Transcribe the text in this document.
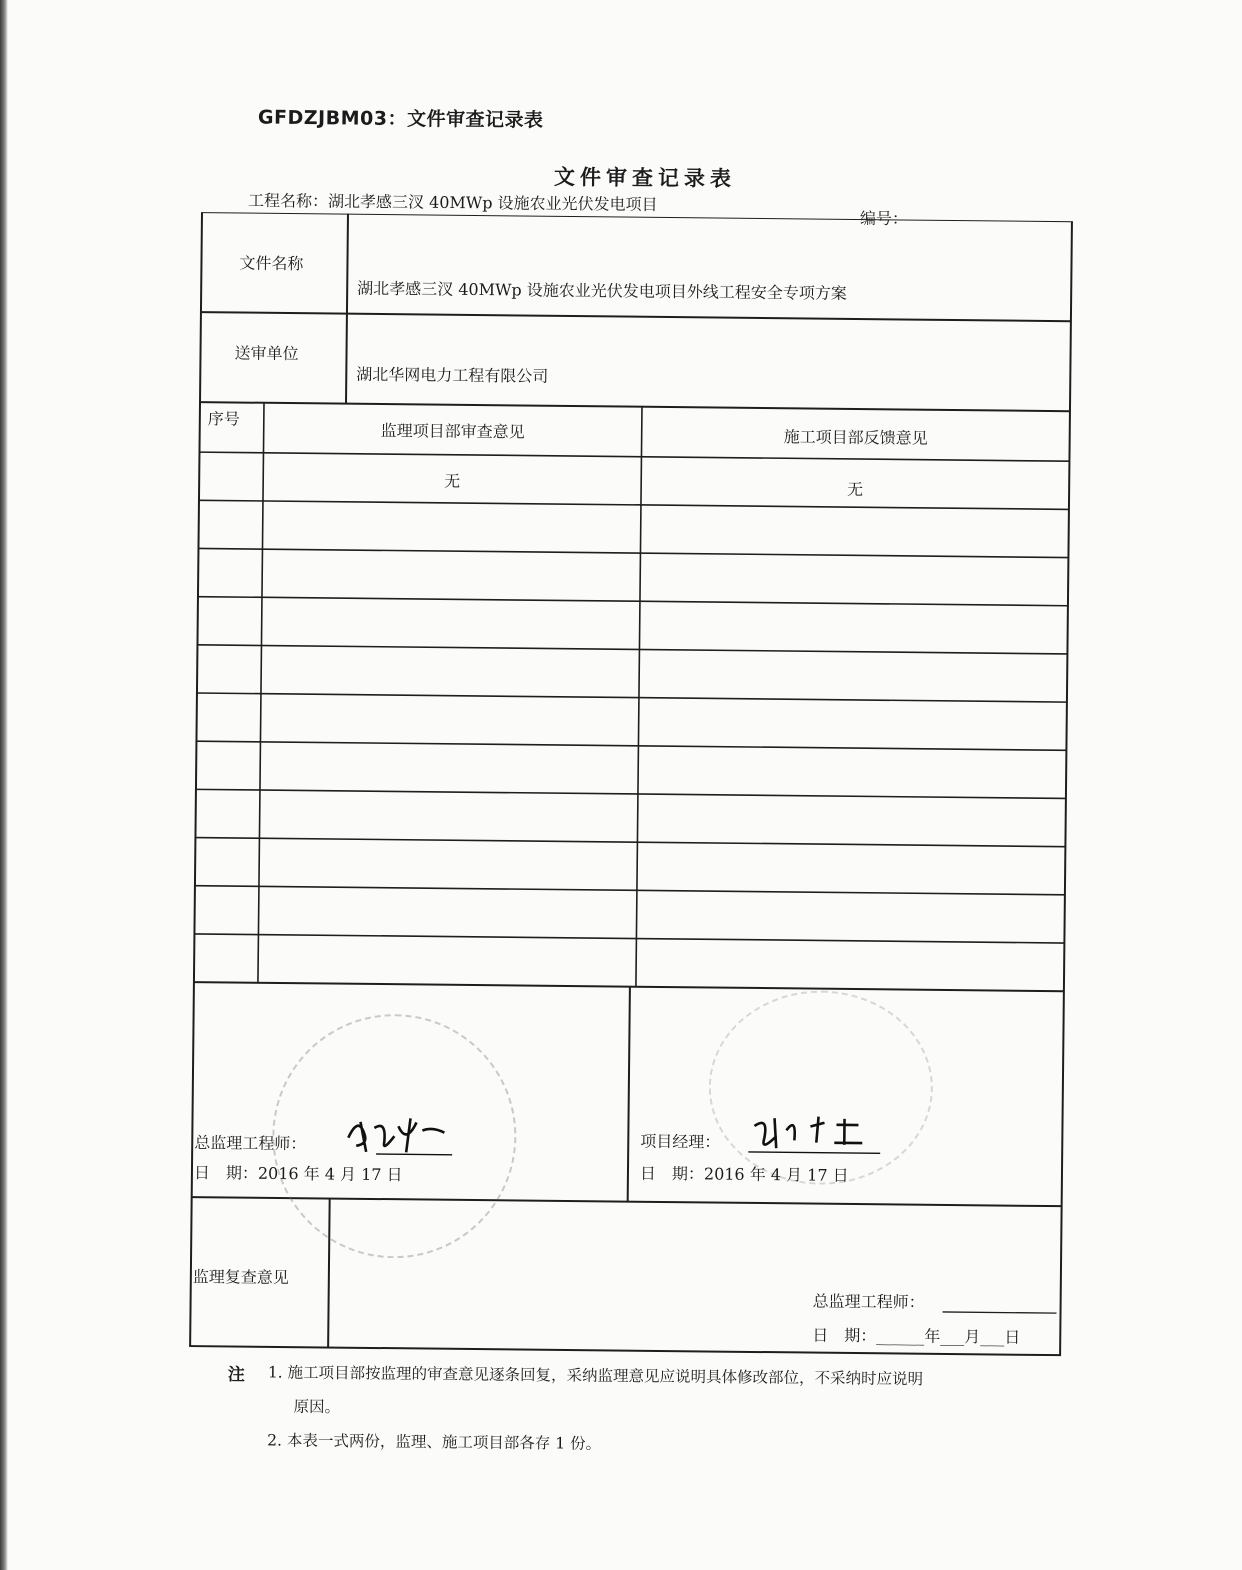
GFDZJBM03：文件审查记录表
文件审查记录表
工程名称：湖北孝感三汊 40MWp 设施农业光伏发电项目
编号：
文件名称
湖北孝感三汊 40MWp 设施农业光伏发电项目外线工程安全专项方案
送审单位
湖北华网电力工程有限公司
序号
监理项目部审查意见	施工项目部反馈意见
无	无
总监理工程师：
日　期：2016 年 4 月 17 日
项目经理：
日　期：2016 年 4 月 17 日
监理复查意见
总监理工程师：
日　期：______年___月___日
注 1. 施工项目部按监理的审查意见逐条回复，采纳监理意见应说明具体修改部位，不采纳时应说明
原因。
2. 本表一式两份，监理、施工项目部各存 1 份。
